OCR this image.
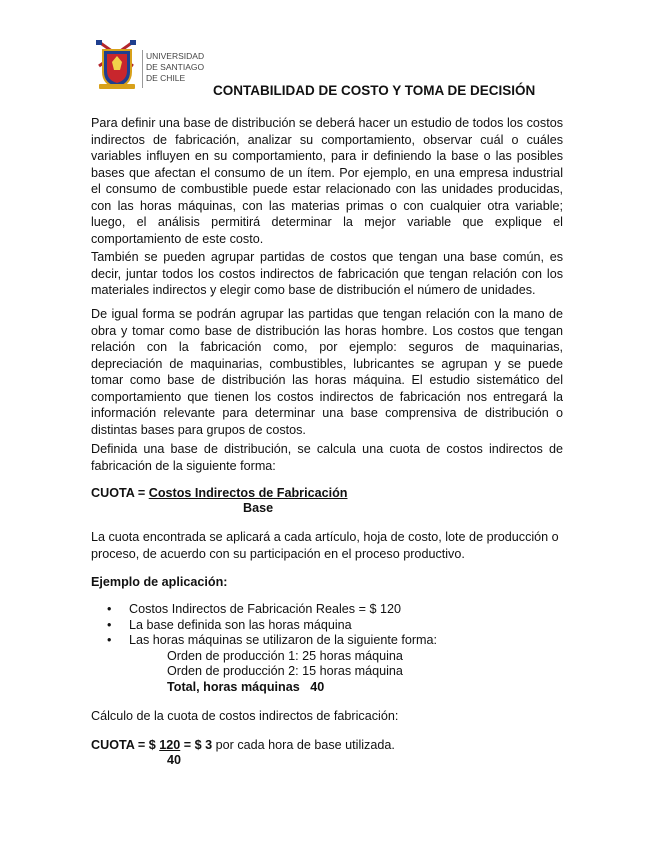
UNIVERSIDAD
DE SANTIAGO
DE CHILE
CONTABILIDAD DE COSTO Y TOMA DE DECISIÓN

Para definir una base de distribución se deberá hacer un estudio de todos los costos indirectos de fabricación, analizar su comportamiento, observar cuál o cuáles variables influyen en su comportamiento, para ir definiendo la base o las posibles bases que afectan el consumo de un ítem. Por ejemplo, en una empresa industrial el consumo de combustible puede estar relacionado con las unidades producidas, con las horas máquinas, con las materias primas o con cualquier otra variable; luego, el análisis permitirá determinar la mejor variable que explique el comportamiento de este costo.

También se pueden agrupar partidas de costos que tengan una base común, es decir, juntar todos los costos indirectos de fabricación que tengan relación con los materiales indirectos y elegir como base de distribución el número de unidades.

De igual forma se podrán agrupar las partidas que tengan relación con la mano de obra y tomar como base de distribución las horas hombre. Los costos que tengan relación con la fabricación como, por ejemplo: seguros de maquinarias, depreciación de maquinarias, combustibles, lubricantes se agrupan y se puede tomar como base de distribución las horas máquina. El estudio sistemático del comportamiento que tienen los costos indirectos de fabricación nos entregará la información relevante para determinar una base comprensiva de distribución o distintas bases para grupos de costos.

Definida una base de distribución, se calcula una cuota de costos indirectos de fabricación de la siguiente forma:

CUOTA = Costos Indirectos de Fabricación
Base

La cuota encontrada se aplicará a cada artículo, hoja de costo, lote de producción o proceso, de acuerdo con su participación en el proceso productivo.

Ejemplo de aplicación:
• Costos Indirectos de Fabricación Reales = $ 120
• La base definida son las horas máquina
• Las horas máquinas se utilizaron de la siguiente forma:
Orden de producción 1: 25 horas máquina
Orden de producción 2: 15 horas máquina
Total, horas máquinas   40
Cálculo de la cuota de costos indirectos de fabricación:
CUOTA = $ 120 = $ 3 por cada hora de base utilizada.
40
